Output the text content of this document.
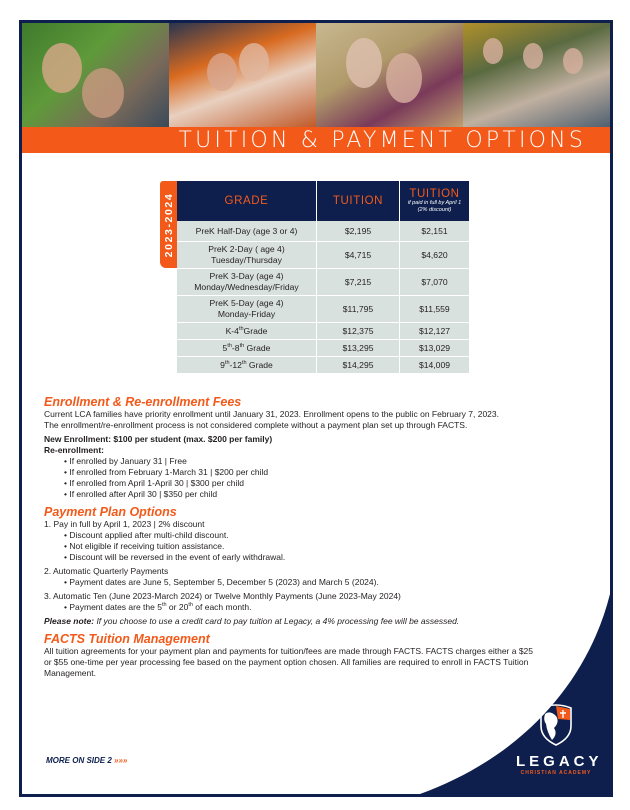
TUITION & PAYMENT OPTIONS
2023-2024	GRADE	TUITION	TUITION
if paid in full by April 1
(2% discount)

PreK Half-Day (age 3 or 4)	$2,195	$2,151
PreK 2-Day ( age 4)
Tuesday/Thursday	$4,715	$4,620
PreK 3-Day (age 4)
Monday/Wednesday/Friday	$7,215	$7,070
PreK 5-Day (age 4)
Monday-Friday	$11,795	$11,559
K-4thGrade	$12,375	$12,127
5th-8th Grade	$13,295	$13,029
9th-12th Grade	$14,295	$14,009
Enrollment & Re-enrollment Fees

Current LCA families have priority enrollment until January 31, 2023. Enrollment opens to the public on February 7, 2023.

The enrollment/re-enrollment process is not considered complete without a payment plan set up through FACTS.

New Enrollment: $100 per student (max. $200 per family)

Re-enrollment:

• If enrolled by January 31 | Free
• If enrolled from February 1-March 31 | $200 per child
• If enrolled from April 1-April 30 | $300 per child
• If enrolled after April 30 | $350 per child
Payment Plan Options

1. Pay in full by April 1, 2023 | 2% discount

• Discount applied after multi-child discount.
• Not eligible if receiving tuition assistance.
• Discount will be reversed in the event of early withdrawal.

2. Automatic Quarterly Payments

• Payment dates are June 5, September 5, December 5 (2023) and March 5 (2024).

3. Automatic Ten (June 2023-March 2024) or Twelve Monthly Payments (June 2023-May 2024)

• Payment dates are the 5th or 20th of each month.

Please note: If you choose to use a credit card to pay tuition at Legacy, a 4% processing fee will be assessed.

FACTS Tuition Management

All tuition agreements for your payment plan and payments for tuition/fees are made through FACTS. FACTS charges either a $25 or $55 one-time per year processing fee based on the payment option chosen. All families are required to enroll in FACTS Tuition Management.

MORE ON SIDE 2 »»»	LEGACY
CHRISTIAN ACADEMY
